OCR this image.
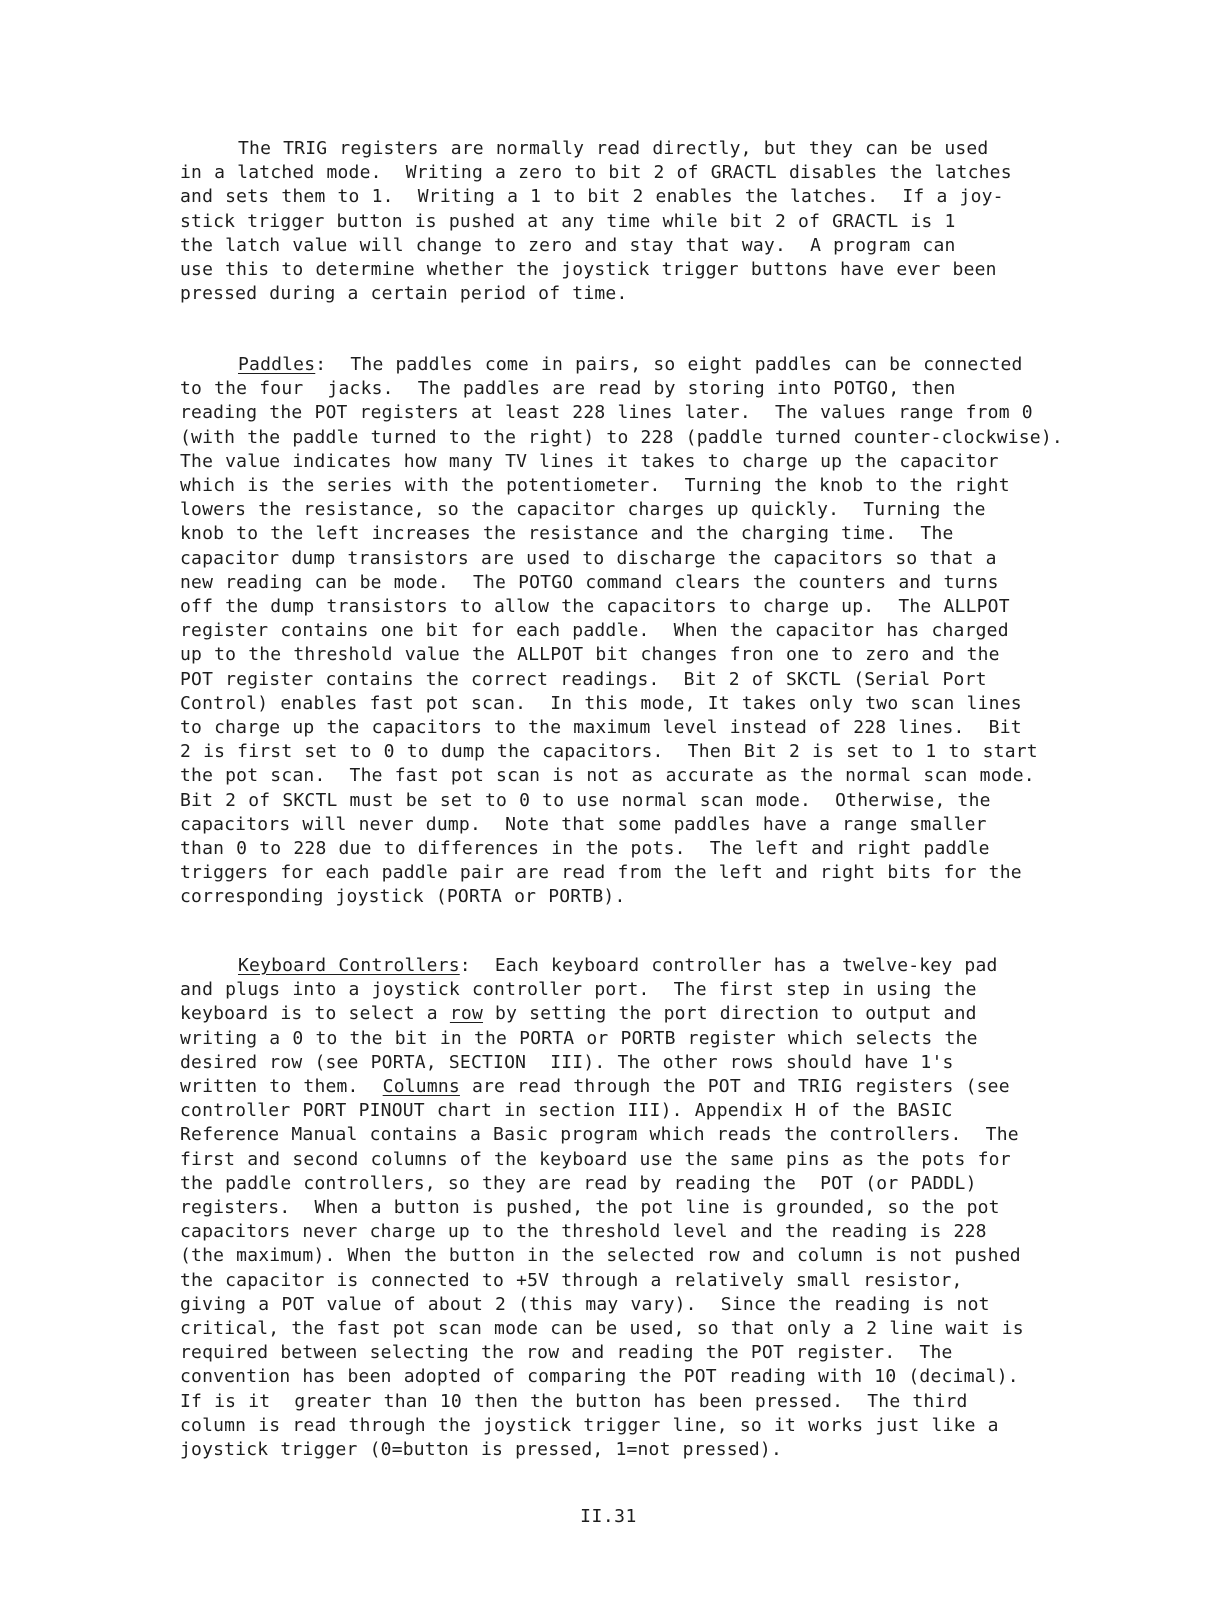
The TRIG registers are normally read directly, but they can be used
in a latched mode.  Writing a zero to bit 2 of GRACTL disables the latches
and sets them to 1.  Writing a 1 to bit 2 enables the latches.  If a joy-
stick trigger button is pushed at any time while bit 2 of GRACTL is 1
the latch value will change to zero and stay that way.  A program can
use this to determine whether the joystick trigger buttons have ever been
pressed during a certain period of time.
Paddles:  The paddles come in pairs, so eight paddles can be connected
to the four  jacks.  The paddles are read by storing into POTGO, then
reading the POT registers at least 228 lines later.  The values range from 0
(with the paddle turned to the right) to 228 (paddle turned counter-clockwise).
The value indicates how many TV lines it takes to charge up the capacitor
which is the series with the potentiometer.  Turning the knob to the right
lowers the resistance, so the capacitor charges up quickly.  Turning the
knob to the left increases the resistance and the charging time.  The
capacitor dump transistors are used to discharge the capacitors so that a
new reading can be mode.  The POTGO command clears the counters and turns
off the dump transistors to allow the capacitors to charge up.  The ALLPOT
register contains one bit for each paddle.  When the capacitor has charged
up to the threshold value the ALLPOT bit changes fron one to zero and the
POT register contains the correct readings.  Bit 2 of SKCTL (Serial Port
Control) enables fast pot scan.  In this mode, It takes only two scan lines
to charge up the capacitors to the maximum level instead of 228 lines.  Bit
2 is first set to 0 to dump the capacitors.  Then Bit 2 is set to 1 to start
the pot scan.  The fast pot scan is not as accurate as the normal scan mode.
Bit 2 of SKCTL must be set to 0 to use normal scan mode.  Otherwise, the
capacitors will never dump.  Note that some paddles have a range smaller
than 0 to 228 due to differences in the pots.  The left and right paddle
triggers for each paddle pair are read from the left and right bits for the
corresponding joystick (PORTA or PORTB).
Keyboard Controllers:  Each keyboard controller has a twelve-key pad
and plugs into a joystick controller port.  The first step in using the
keyboard is to select a row by setting the port direction to output and
writing a 0 to the bit in the PORTA or PORTB register which selects the
desired row (see PORTA, SECTION  III). The other rows should have 1's
written to them.  Columns are read through the POT and TRIG registers (see
controller PORT PINOUT chart in section III). Appendix H of the BASIC
Reference Manual contains a Basic program which reads the controllers.  The
first and second columns of the keyboard use the same pins as the pots for
the paddle controllers, so they are read by reading the  POT (or PADDL)
registers.  When a button is pushed, the pot line is grounded, so the pot
capacitors never charge up to the threshold level and the reading is 228
(the maximum). When the button in the selected row and column is not pushed
the capacitor is connected to +5V through a relatively small resistor,
giving a POT value of about 2 (this may vary).  Since the reading is not
critical, the fast pot scan mode can be used, so that only a 2 line wait is
required between selecting the row and reading the POT register.  The
convention has been adopted of comparing the POT reading with 10 (decimal).
If is it  greater than 10 then the button has been pressed.  The third
column is read through the joystick trigger line, so it works just like a
joystick trigger (0=button is pressed, 1=not pressed).
II.31
